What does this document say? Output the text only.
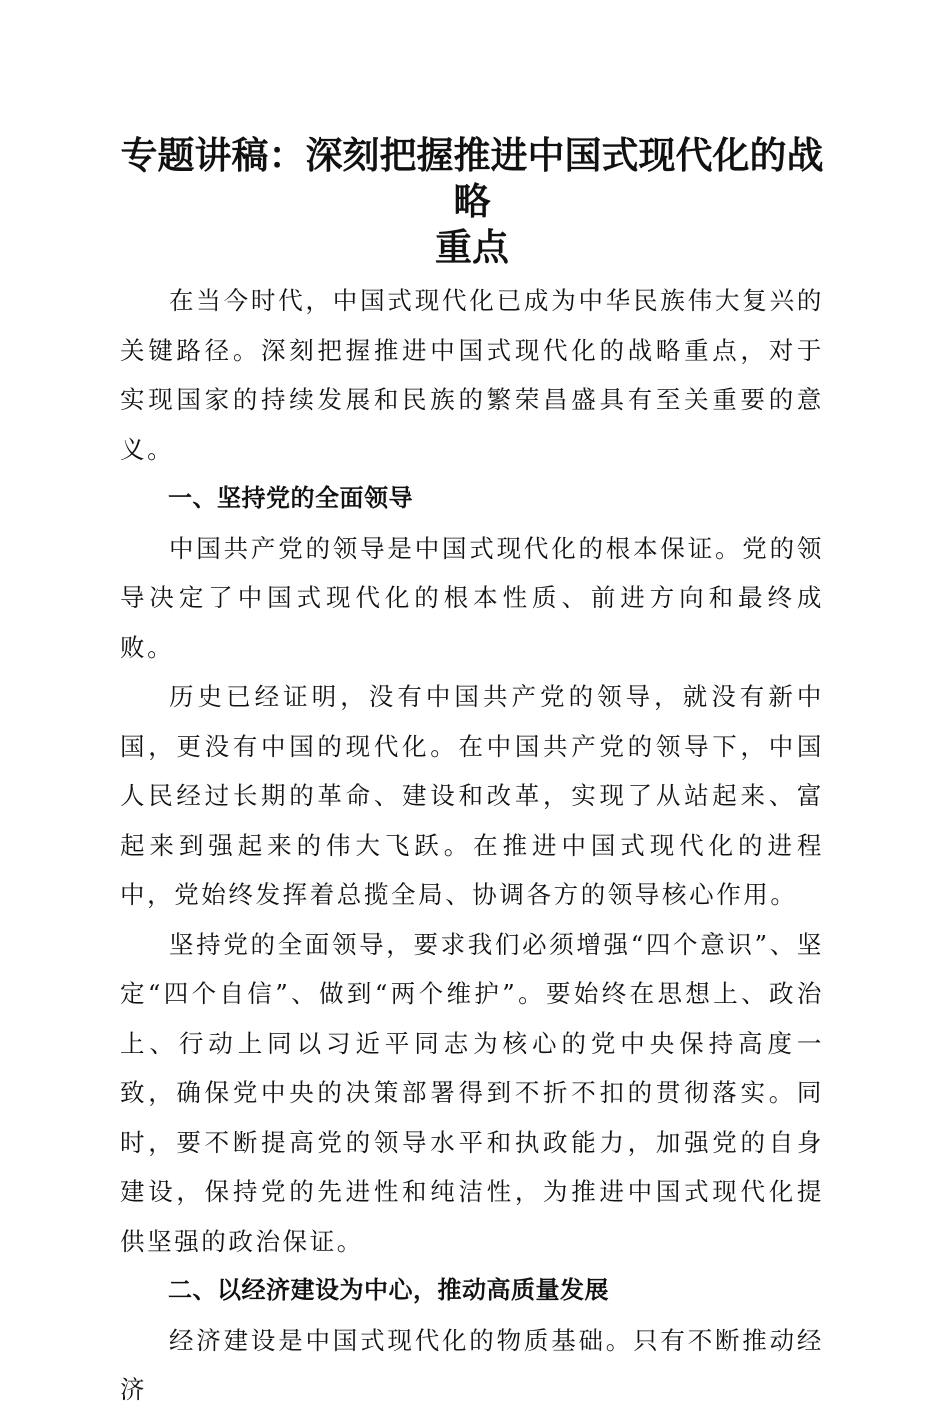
专题讲稿：深刻把握推进中国式现代化的战略
重点

在当今时代，中国式现代化已成为中华民族伟大复兴的关键路径。深刻把握推进中国式现代化的战略重点，对于实现国家的持续发展和民族的繁荣昌盛具有至关重要的意义。

一、坚持党的全面领导

中国共产党的领导是中国式现代化的根本保证。党的领导决定了中国式现代化的根本性质、前进方向和最终成败。

历史已经证明，没有中国共产党的领导，就没有新中国，更没有中国的现代化。在中国共产党的领导下，中国人民经过长期的革命、建设和改革，实现了从站起来、富起来到强起来的伟大飞跃。在推进中国式现代化的进程中，党始终发挥着总揽全局、协调各方的领导核心作用。

坚持党的全面领导，要求我们必须增强“四个意识”、坚定“四个自信”、做到“两个维护”。要始终在思想上、政治上、行动上同以习近平同志为核心的党中央保持高度一致，确保党中央的决策部署得到不折不扣的贯彻落实。同时，要不断提高党的领导水平和执政能力，加强党的自身建设，保持党的先进性和纯洁性，为推进中国式现代化提供坚强的政治保证。

二、以经济建设为中心，推动高质量发展

经济建设是中国式现代化的物质基础。只有不断推动经济
